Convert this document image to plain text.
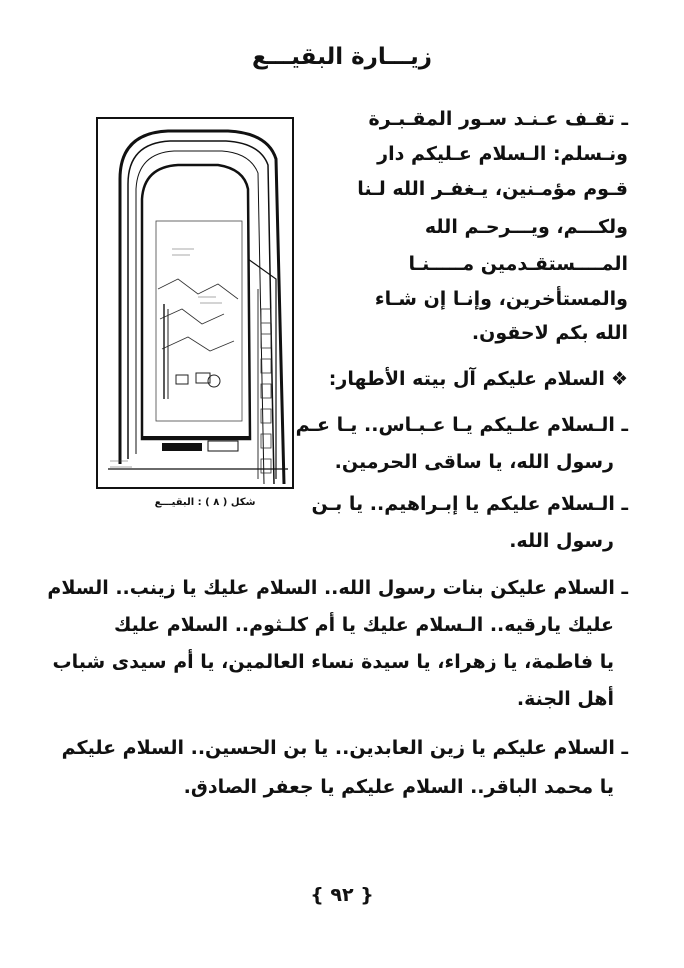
زيـــارة البقيـــع
ـ تقـف عـنـد سـور المقـبـرة
ونـسلم: الـسلام عـليكم دار
قـوم مؤمـنين، يـغفـر الله لـنا
ولكـــم، ويـــرحـم الله
المــــستقـدمين مـــــنـا
والمستأخرين، وإنـا إن شـاء
الله بكم لاحقون.
❖السلام عليكم آل بيته الأطهار:
ـ الـسلام علـيكم يـا عـبـاس.. يـا عـم
رسول الله، يا ساقى الحرمين.
ـ الـسلام عليكم يا إبـراهيم.. يا بـن
رسول الله.
ـ السلام عليكن بنات رسول الله.. السلام عليك يا زينب.. السلام
عليك يارقيه.. الـسلام عليك يا أم كلـثوم.. السلام عليك
يا فاطمة، يا زهراء، يا سيدة نساء العالمين، يا أم سيدى شباب
أهل الجنة.
ـ السلام عليكم يا زين العابدين.. يا بن الحسين.. السلام عليكم
يا محمد الباقر.. السلام عليكم يا جعفر الصادق.
{ ٩٢ }
شكل ( ٨ ) : البقيـــع
